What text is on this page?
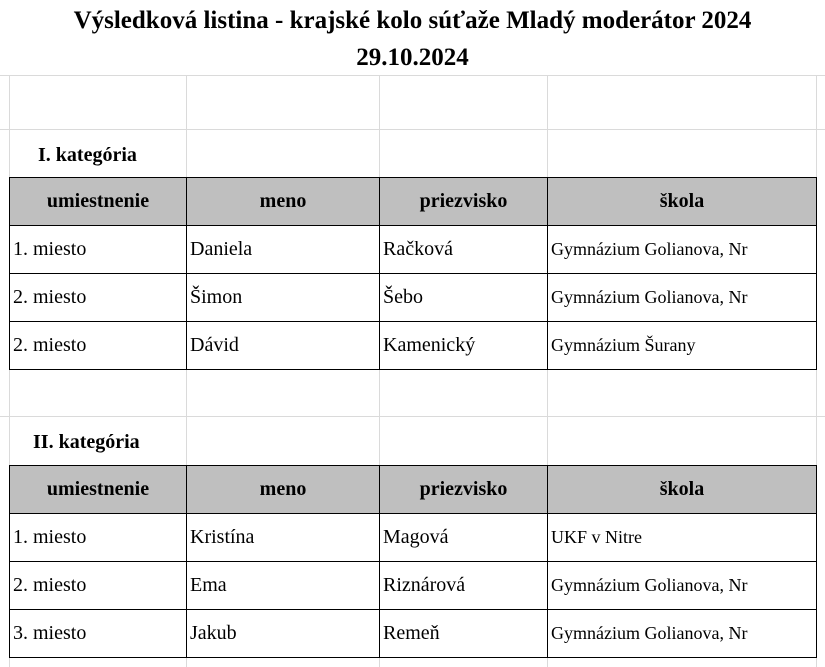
Výsledková listina - krajské kolo súťaže Mladý moderátor 2024
29.10.2024
I. kategória
umiestnenie	meno	priezvisko	škola
1. miesto	Daniela	Račková	Gymnázium Golianova, Nr
2. miesto	Šimon	Šebo	Gymnázium Golianova, Nr
2. miesto	Dávid	Kamenický	Gymnázium Šurany
II. kategória
umiestnenie	meno	priezvisko	škola
1. miesto	Kristína	Magová	UKF v Nitre
2. miesto	Ema	Riznárová	Gymnázium Golianova, Nr
3. miesto	Jakub	Remeň	Gymnázium Golianova, Nr
